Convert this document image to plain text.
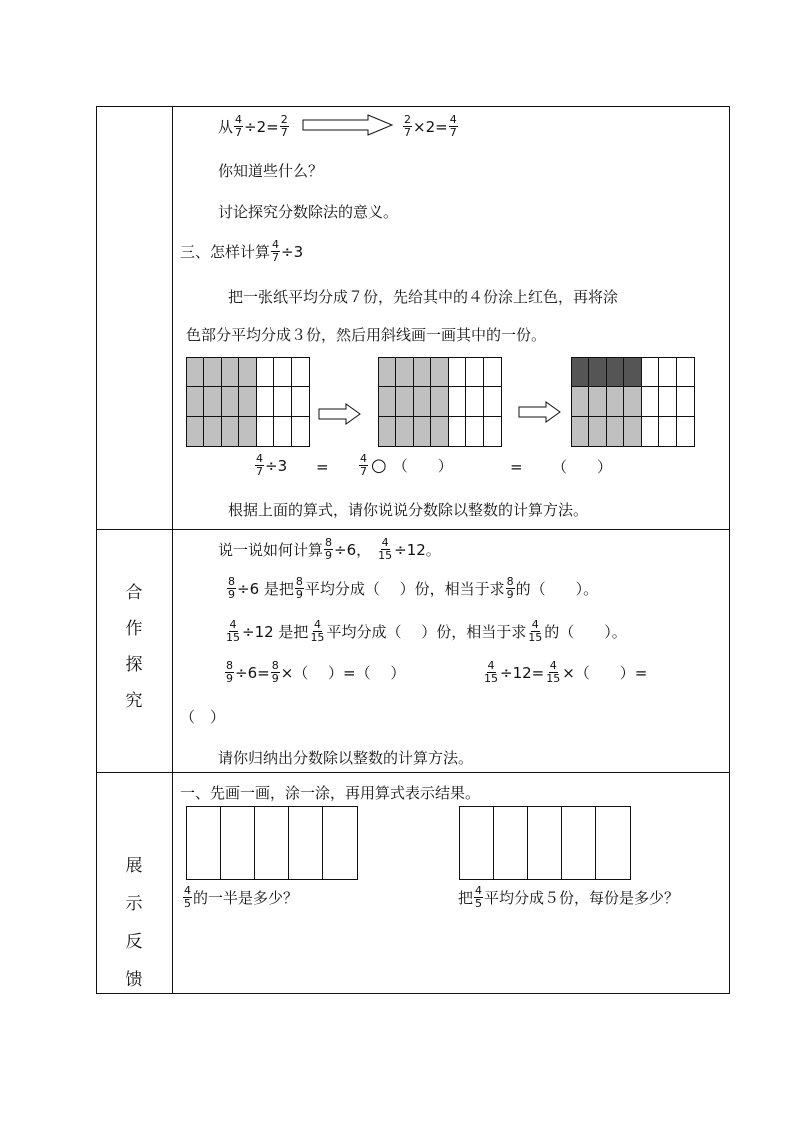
从 $\frac{4}{7} \div 2= \frac{2}{7}$	$\frac{2}{7} \times 2= \frac{4}{7}$
你知道些什么？
讨论探究分数除法的意义。
三、怎样计算 $\frac{4}{7} \div 3$
把一张纸平均分成７份，先给其中的４份涂上红色，再将涂
色部分平均分成３份，然后用斜线画一画其中的一份。
$\frac{4}{7} \div 3$ =	$\frac{4}{7}$ ○ （　　）	= （　　）
根据上面的算式，请你说说分数除以整数的计算方法。
合
作
探
究
说一说如何计算 $\frac{8}{9} \div 6$， $\frac{4}{15} \div 12$。
$\frac{8}{9} \div 6$ 是把 $\frac{8}{9}$ 平均分成（　 ）份，相当于求 $\frac{8}{9}$ 的（　　）。
$\frac{4}{15} \div 12$ 是把 $\frac{4}{15}$ 平均分成（　 ）份，相当于求 $\frac{4}{15}$ 的（　　）。
$\frac{8}{9} \div 6= \frac{8}{9}$ ×（　 ）=（　 ）	$\frac{4}{15} \div 12= \frac{4}{15}$ ×（　　）=
（　）
请你归纳出分数除以整数的计算方法。
展
示
反
馈
一、先画一画，涂一涂，再用算式表示结果。
$\frac{4}{5}$ 的一半是多少？	把 $\frac{4}{5}$ 平均分成５份，每份是多少？
